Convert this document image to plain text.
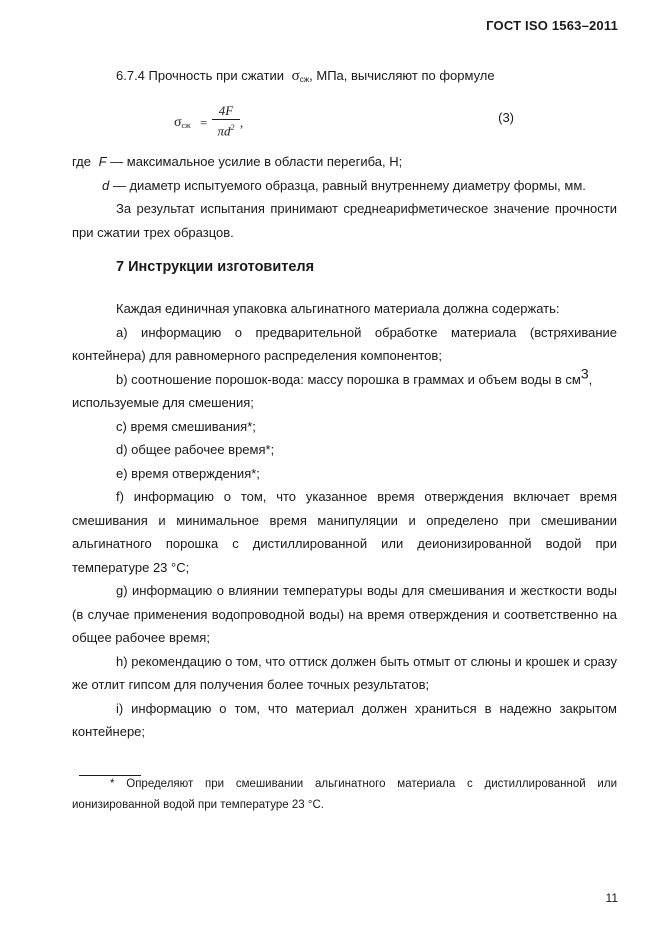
ГОСТ ISO 1563–2011

6.7.4 Прочность при сжатии σсж, МПа, вычисляют по формуле

$\sigma сж = \frac{4F}{\pi d^2}$ ,	(3)

где F — максимальное усилие в области перегиба, Н;

d — диаметр испытуемого образца, равный внутреннему диаметру формы, мм.

За результат испытания принимают среднеарифметическое значение прочности при сжатии трех образцов.

7 Инструкции изготовителя

Каждая единичная упаковка альгинатного материала должна содержать:

a) информацию о предварительной обработке материала (встряхивание контейнера) для равномерного распределения компонентов;

b) соотношение порошок-вода: массу порошка в граммах и объем воды в $см^3$, используемые для смешения;

c) время смешивания*;

d) общее рабочее время*;

e) время отверждения*;

f) информацию о том, что указанное время отверждения включает время смешивания и минимальное время манипуляции и определено при смешивании альгинатного порошка с дистиллированной или деионизированной водой при температуре 23 °C;

g) информацию о влиянии температуры воды для смешивания и жесткости воды (в случае применения водопроводной воды) на время отверждения и соответственно на общее рабочее время;

h) рекомендацию о том, что оттиск должен быть отмыт от слюны и крошек и сразу же отлит гипсом для получения более точных результатов;

i) информацию о том, что материал должен храниться в надежно закрытом контейнере;

* Определяют при смешивании альгинатного материала с дистиллированной или ионизированной водой при температуре 23 °C.

11
